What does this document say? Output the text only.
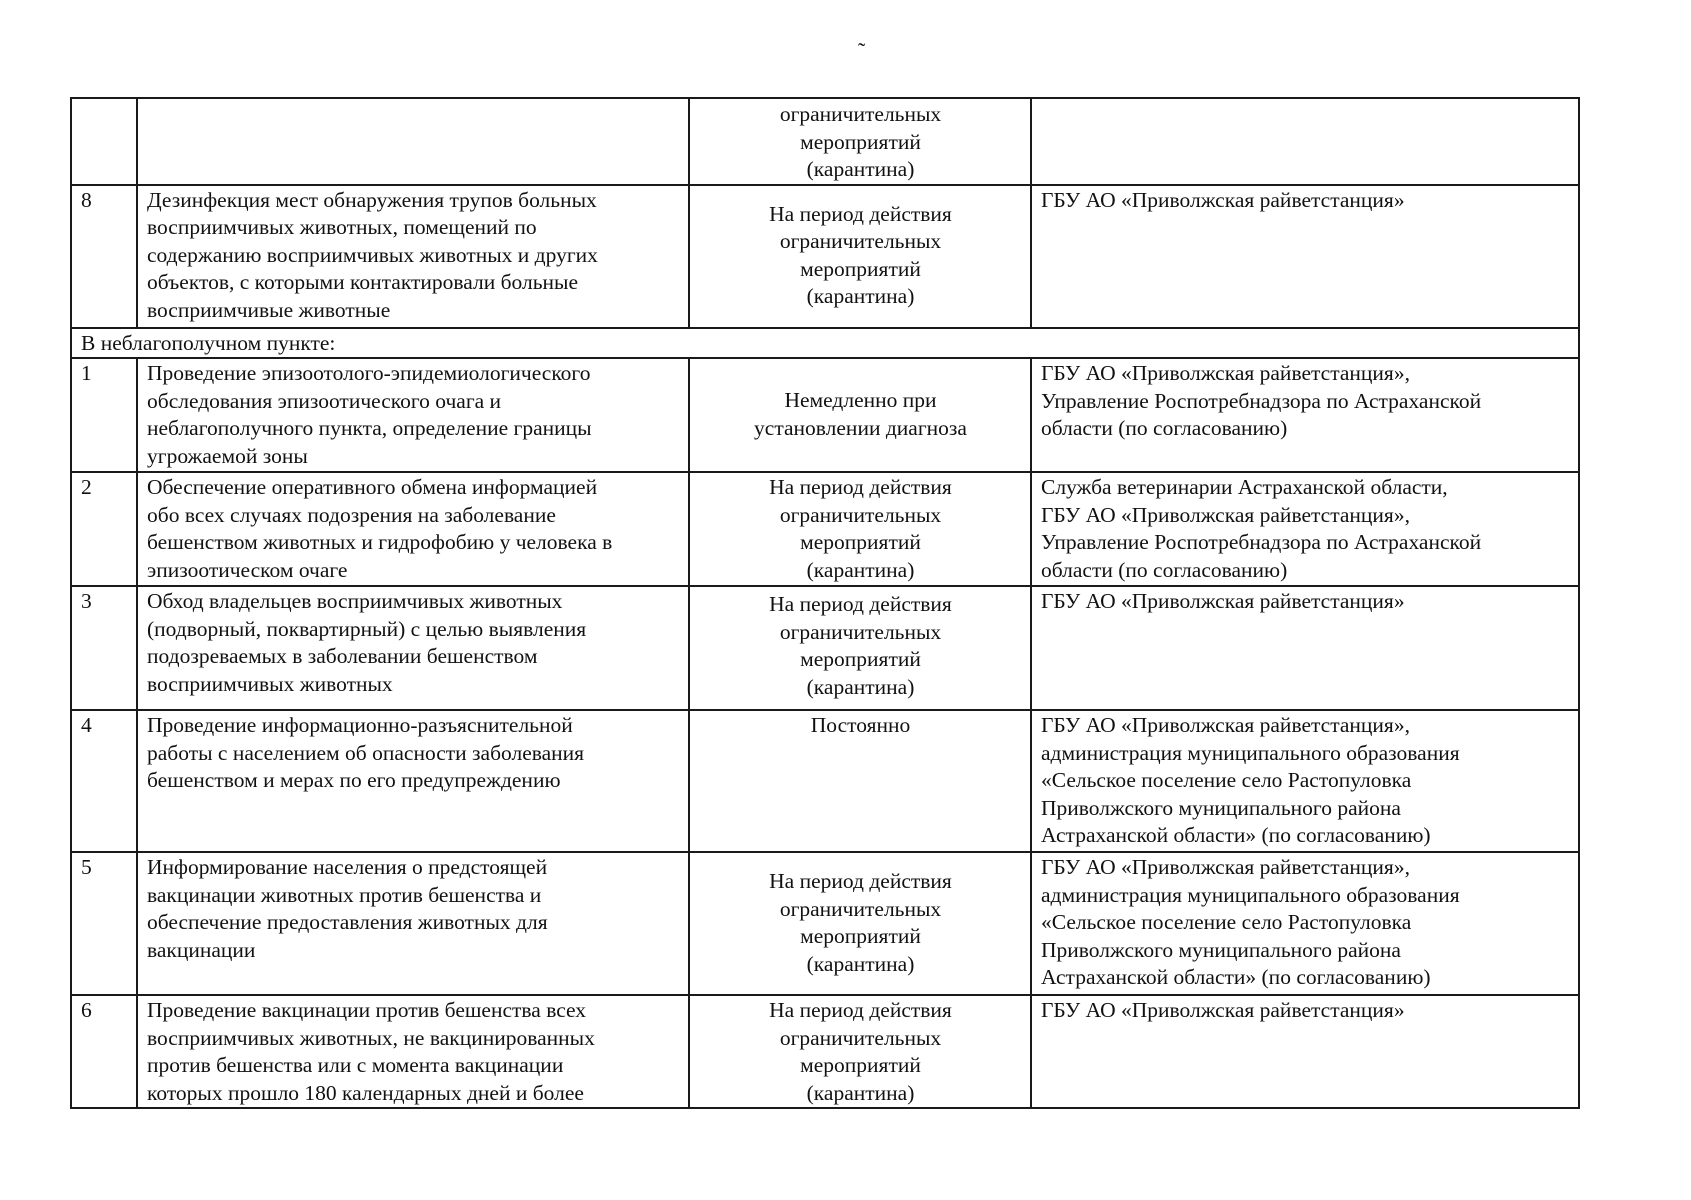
˜

		ограничительных
мероприятий
(карантина)	

8	Дезинфекция мест обнаружения трупов больных
восприимчивых животных, помещений по
содержанию восприимчивых животных и других
объектов, с которыми контактировали больные
восприимчивые животные	На период действия
ограничительных
мероприятий
(карантина)	ГБУ АО «Приволжская райветстанция»

В неблагополучном пункте:			
1	Проведение эпизоотолого-эпидемиологического
обследования эпизоотического очага и
неблагополучного пункта, определение границы
угрожаемой зоны	Немедленно при
установлении диагноза	ГБУ АО «Приволжская райветстанция»,
Управление Роспотребнадзора по Астраханской
области (по согласованию)

2	Обеспечение оперативного обмена информацией
обо всех случаях подозрения на заболевание
бешенством животных и гидрофобию у человека в
эпизоотическом очаге	На период действия
ограничительных
мероприятий
(карантина)	Служба ветеринарии Астраханской области,
ГБУ АО «Приволжская райветстанция»,
Управление Роспотребнадзора по Астраханской
области (по согласованию)

3	Обход владельцев восприимчивых животных
(подворный, поквартирный) с целью выявления
подозреваемых в заболевании бешенством
восприимчивых животных	На период действия
ограничительных
мероприятий
(карантина)	ГБУ АО «Приволжская райветстанция»

4	Проведение информационно-разъяснительной
работы с населением об опасности заболевания
бешенством и мерах по его предупреждению	Постоянно	ГБУ АО «Приволжская райветстанция»,
администрация муниципального образования
«Сельское поселение село Растопуловка
Приволжского муниципального района
Астраханской области» (по согласованию)

5	Информирование населения о предстоящей
вакцинации животных против бешенства и
обеспечение предоставления животных для
вакцинации	На период действия
ограничительных
мероприятий
(карантина)	ГБУ АО «Приволжская райветстанция»,
администрация муниципального образования
«Сельское поселение село Растопуловка
Приволжского муниципального района
Астраханской области» (по согласованию)

6	Проведение вакцинации против бешенства всех
восприимчивых животных, не вакцинированных
против бешенства или с момента вакцинации
которых прошло 180 календарных дней и более	На период действия
ограничительных
мероприятий
(карантина)	ГБУ АО «Приволжская райветстанция»
